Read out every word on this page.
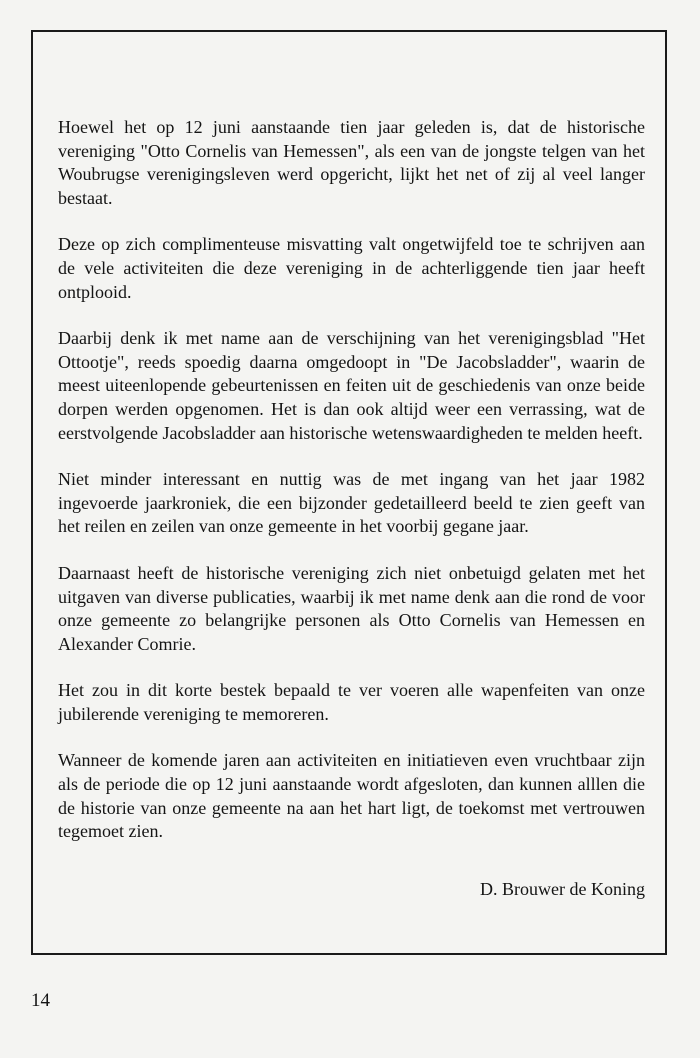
Hoewel het op 12 juni aanstaande tien jaar geleden is, dat de historische vereniging "Otto Cornelis van Hemessen", als een van de jongste telgen van het Woubrugse verenigingsleven werd opgericht, lijkt het net of zij al veel langer bestaat.

Deze op zich complimenteuse misvatting valt ongetwijfeld toe te schrijven aan de vele activiteiten die deze vereniging in de achterliggende tien jaar heeft ontplooid.

Daarbij denk ik met name aan de verschijning van het verenigingsblad "Het Ottootje", reeds spoedig daarna omgedoopt in "De Jacobsladder", waarin de meest uiteenlopende gebeurtenissen en feiten uit de geschiedenis van onze beide dorpen werden opgenomen. Het is dan ook altijd weer een verrassing, wat de eerstvolgende Jacobsladder aan historische wetenswaardigheden te melden heeft.

Niet minder interessant en nuttig was de met ingang van het jaar 1982 ingevoerde jaarkroniek, die een bijzonder gedetailleerd beeld te zien geeft van het reilen en zeilen van onze gemeente in het voorbij gegane jaar.

Daarnaast heeft de historische vereniging zich niet onbetuigd gelaten met het uitgaven van diverse publicaties, waarbij ik met name denk aan die rond de voor onze gemeente zo belangrijke personen als Otto Cornelis van Hemessen en Alexander Comrie.

Het zou in dit korte bestek bepaald te ver voeren alle wapenfeiten van onze jubilerende vereniging te memoreren.

Wanneer de komende jaren aan activiteiten en initiatieven even vruchtbaar zijn als de periode die op 12 juni aanstaande wordt afgesloten, dan kunnen alllen die de historie van onze gemeente na aan het hart ligt, de toekomst met vertrouwen tegemoet zien.

D. Brouwer de Koning
14
